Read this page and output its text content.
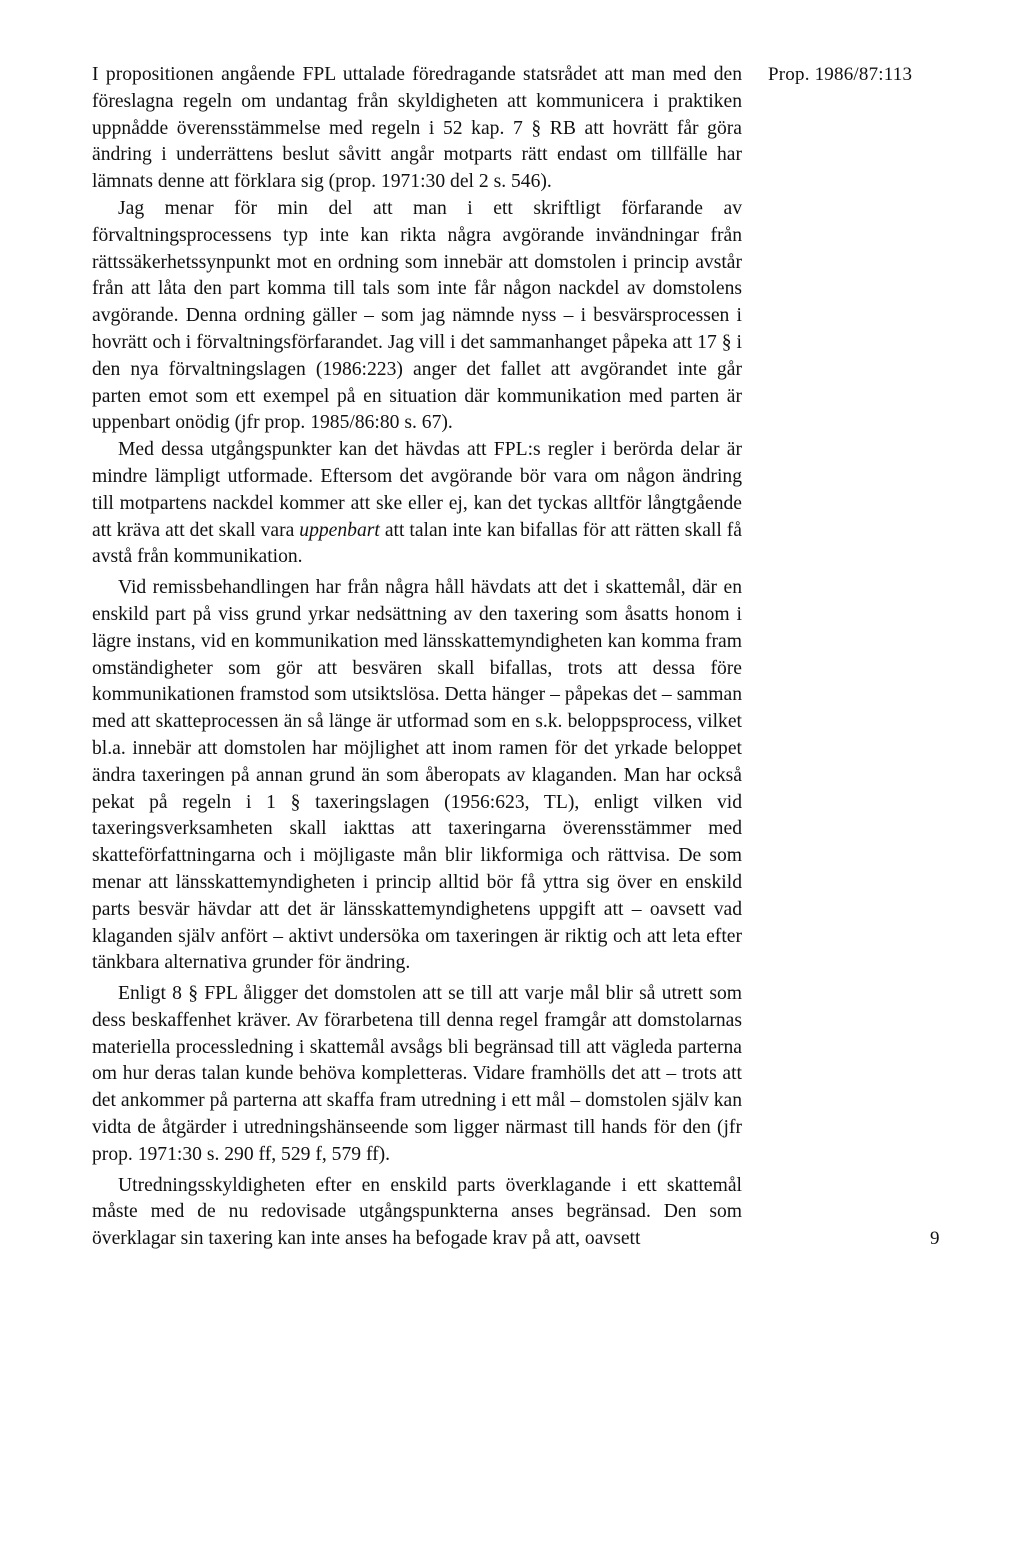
Prop. 1986/87:113

I propositionen angående FPL uttalade föredragande statsrådet att man med den föreslagna regeln om undantag från skyldigheten att kommunicera i praktiken uppnådde överensstämmelse med regeln i 52 kap. 7 § RB att hovrätt får göra ändring i underrättens beslut såvitt angår motparts rätt endast om tillfälle har lämnats denne att förklara sig (prop. 1971:30 del 2 s. 546).

Jag menar för min del att man i ett skriftligt förfarande av förvaltningsprocessens typ inte kan rikta några avgörande invändningar från rättssäkerhetssynpunkt mot en ordning som innebär att domstolen i princip avstår från att låta den part komma till tals som inte får någon nackdel av domstolens avgörande. Denna ordning gäller – som jag nämnde nyss – i besvärsprocessen i hovrätt och i förvaltningsförfarandet. Jag vill i det sammanhanget påpeka att 17 § i den nya förvaltningslagen (1986:223) anger det fallet att avgörandet inte går parten emot som ett exempel på en situation där kommunikation med parten är uppenbart onödig (jfr prop. 1985/86:80 s. 67).

Med dessa utgångspunkter kan det hävdas att FPL:s regler i berörda delar är mindre lämpligt utformade. Eftersom det avgörande bör vara om någon ändring till motpartens nackdel kommer att ske eller ej, kan det tyckas alltför långtgående att kräva att det skall vara uppenbart att talan inte kan bifallas för att rätten skall få avstå från kommunikation.

Vid remissbehandlingen har från några håll hävdats att det i skattemål, där en enskild part på viss grund yrkar nedsättning av den taxering som åsatts honom i lägre instans, vid en kommunikation med länsskattemyndigheten kan komma fram omständigheter som gör att besvären skall bifallas, trots att dessa före kommunikationen framstod som utsiktslösa. Detta hänger – påpekas det – samman med att skatteprocessen än så länge är utformad som en s.k. beloppsprocess, vilket bl.a. innebär att domstolen har möjlighet att inom ramen för det yrkade beloppet ändra taxeringen på annan grund än som åberopats av klaganden. Man har också pekat på regeln i 1 § taxeringslagen (1956:623, TL), enligt vilken vid taxeringsverksamheten skall iakttas att taxeringarna överensstämmer med skatteförfattningarna och i möjligaste mån blir likformiga och rättvisa. De som menar att länsskattemyndigheten i princip alltid bör få yttra sig över en enskild parts besvär hävdar att det är länsskattemyndighetens uppgift att – oavsett vad klaganden själv anfört – aktivt undersöka om taxeringen är riktig och att leta efter tänkbara alternativa grunder för ändring.

Enligt 8 § FPL åligger det domstolen att se till att varje mål blir så utrett som dess beskaffenhet kräver. Av förarbetena till denna regel framgår att domstolarnas materiella processledning i skattemål avsågs bli begränsad till att vägleda parterna om hur deras talan kunde behöva kompletteras. Vidare framhölls det att – trots att det ankommer på parterna att skaffa fram utredning i ett mål – domstolen själv kan vidta de åtgärder i utredningshänseende som ligger närmast till hands för den (jfr prop. 1971:30 s. 290 ff, 529 f, 579 ff).

Utredningsskyldigheten efter en enskild parts överklagande i ett skattemål måste med de nu redovisade utgångspunkterna anses begränsad. Den som överklagar sin taxering kan inte anses ha befogade krav på att, oavsett	9
